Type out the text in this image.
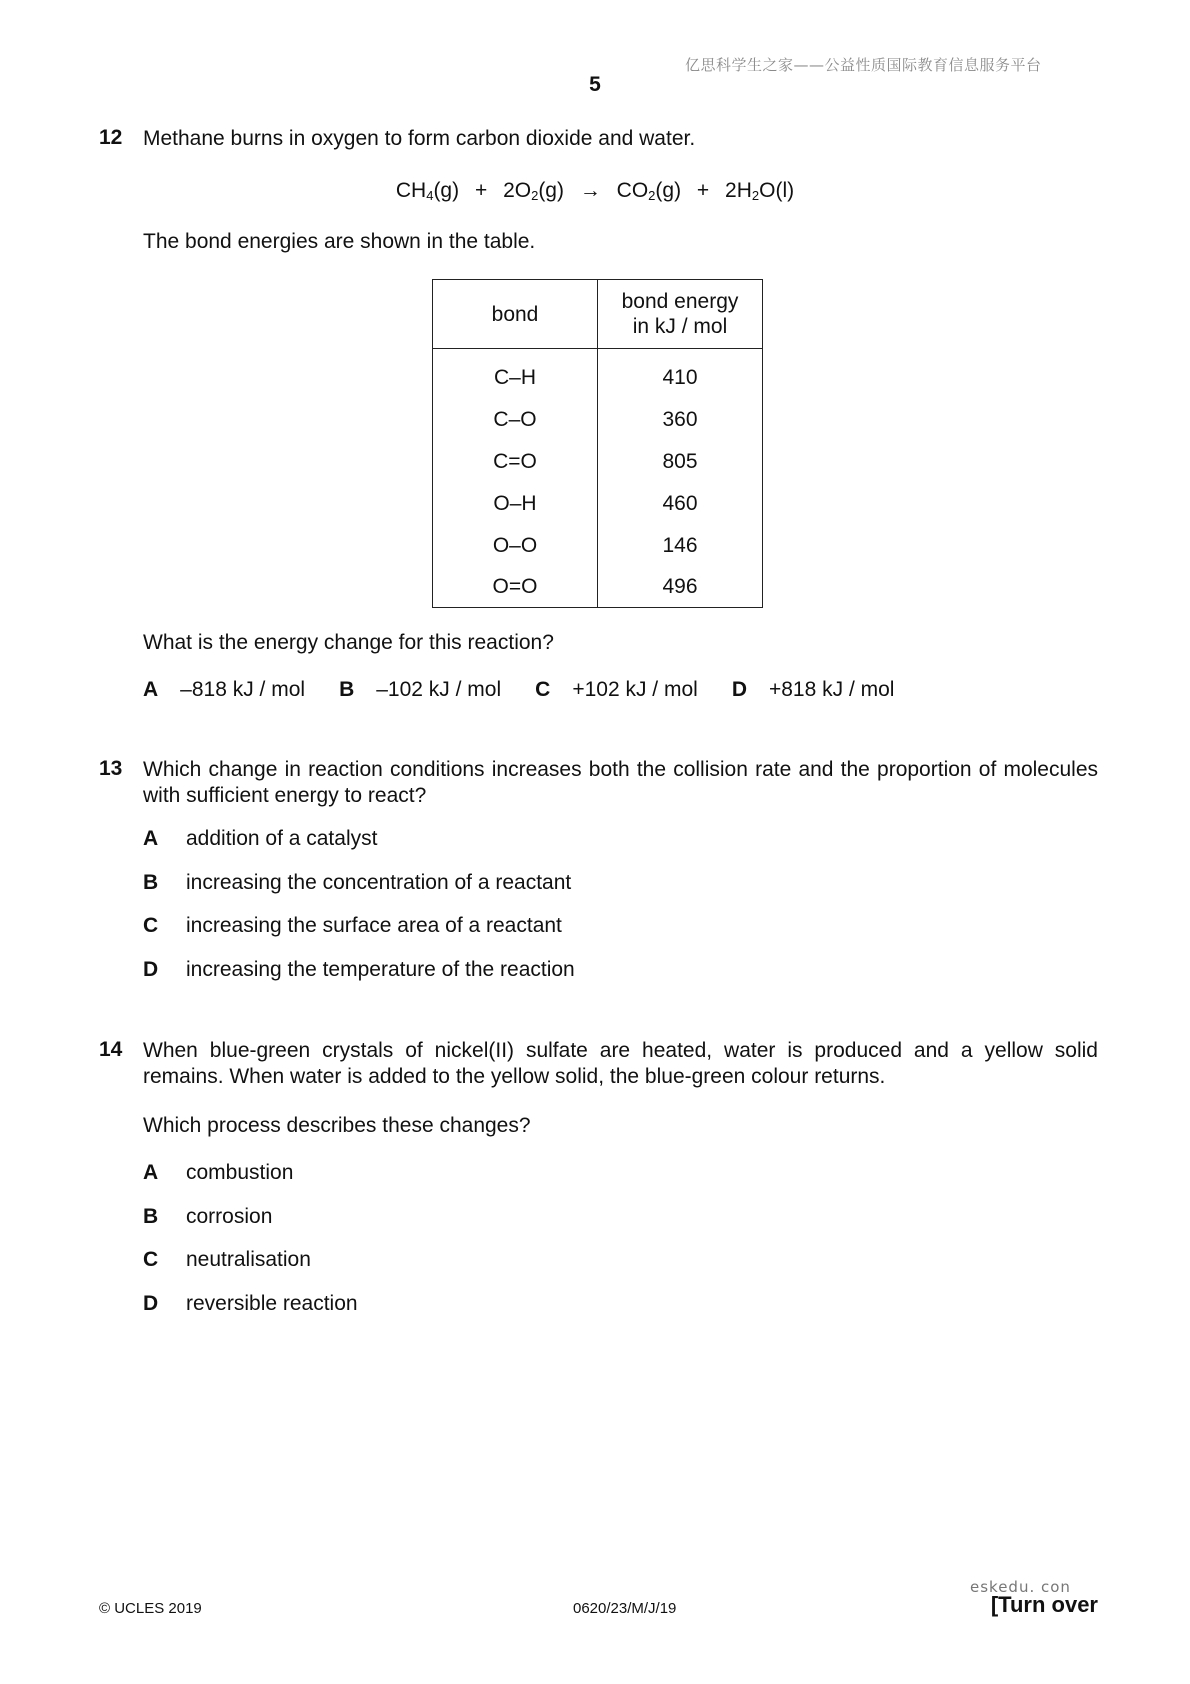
亿思科学生之家——公益性质国际教育信息服务平台
5
12 Methane burns in oxygen to form carbon dioxide and water.
$CH_4(g) + 2O_2(g) \to CO_2(g) + 2H_2O(l)$
The bond energies are shown in the table.
bond	bond energy
in kJ / mol

C–H	410
C–O	360
C=O	805
O–H	460
O–O	146
O=O	496
What is the energy change for this reaction?
A –818 kJ / mol B –102 kJ / mol C +102 kJ / mol D +818 kJ / mol
13 Which change in reaction conditions increases both the collision rate and the proportion of molecules with sufficient energy to react?
A	addition of a catalyst
B	increasing the concentration of a reactant
C	increasing the surface area of a reactant
D	increasing the temperature of the reaction
14 When blue-green crystals of nickel(II) sulfate are heated, water is produced and a yellow solid remains. When water is added to the yellow solid, the blue-green colour returns.
Which process describes these changes?
A	combustion
B	corrosion
C	neutralisation
D	reversible reaction
eskedu. con
© UCLES 2019	0620/23/M/J/19	[Turn over
